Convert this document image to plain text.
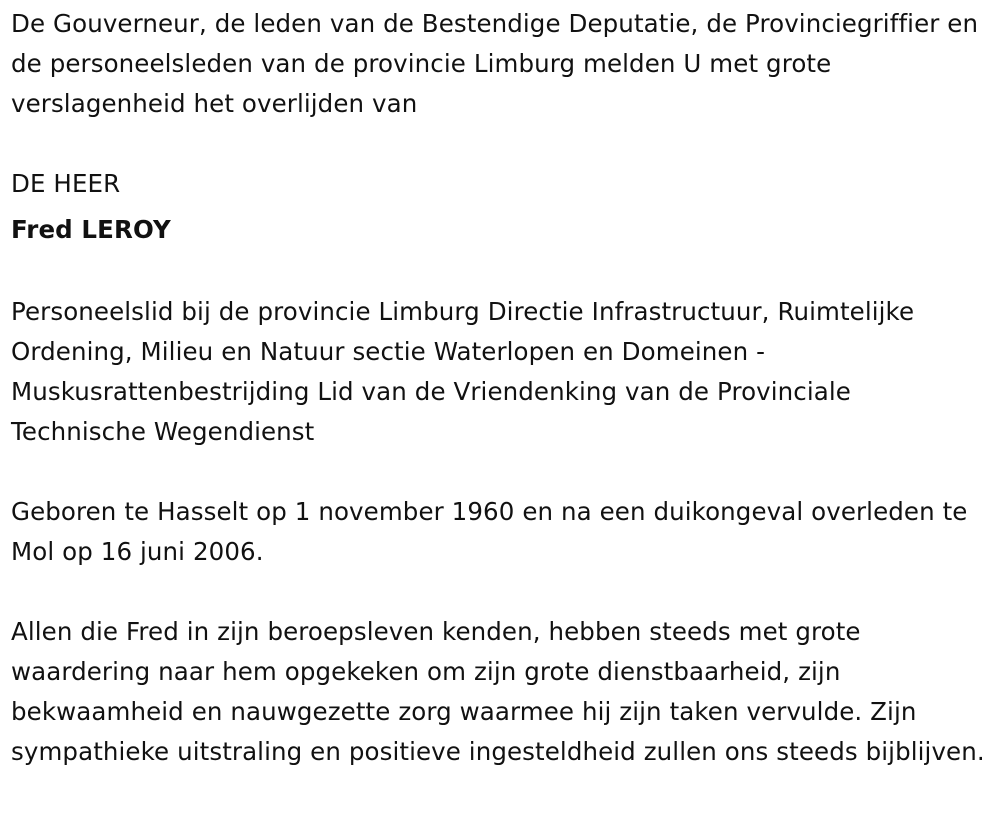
De Gouverneur, de leden van de Bestendige Deputatie, de Provinciegriffier en de personeelsleden van de provincie Limburg melden U met grote verslagenheid het overlijden van

DE HEER

Fred LEROY

Personeelslid bij de provincie Limburg Directie Infrastructuur, Ruimtelijke Ordening, Milieu en Natuur sectie Waterlopen en Domeinen - Muskusrattenbestrijding Lid van de Vriendenking van de Provinciale Technische Wegendienst

Geboren te Hasselt op 1 november 1960 en na een duikongeval overleden te Mol op 16 juni 2006.

Allen die Fred in zijn beroepsleven kenden, hebben steeds met grote waardering naar hem opgekeken om zijn grote dienstbaarheid, zijn bekwaamheid en nauwgezette zorg waarmee hij zijn taken vervulde. Zijn sympathieke uitstraling en positieve ingesteldheid zullen ons steeds bijblijven.
